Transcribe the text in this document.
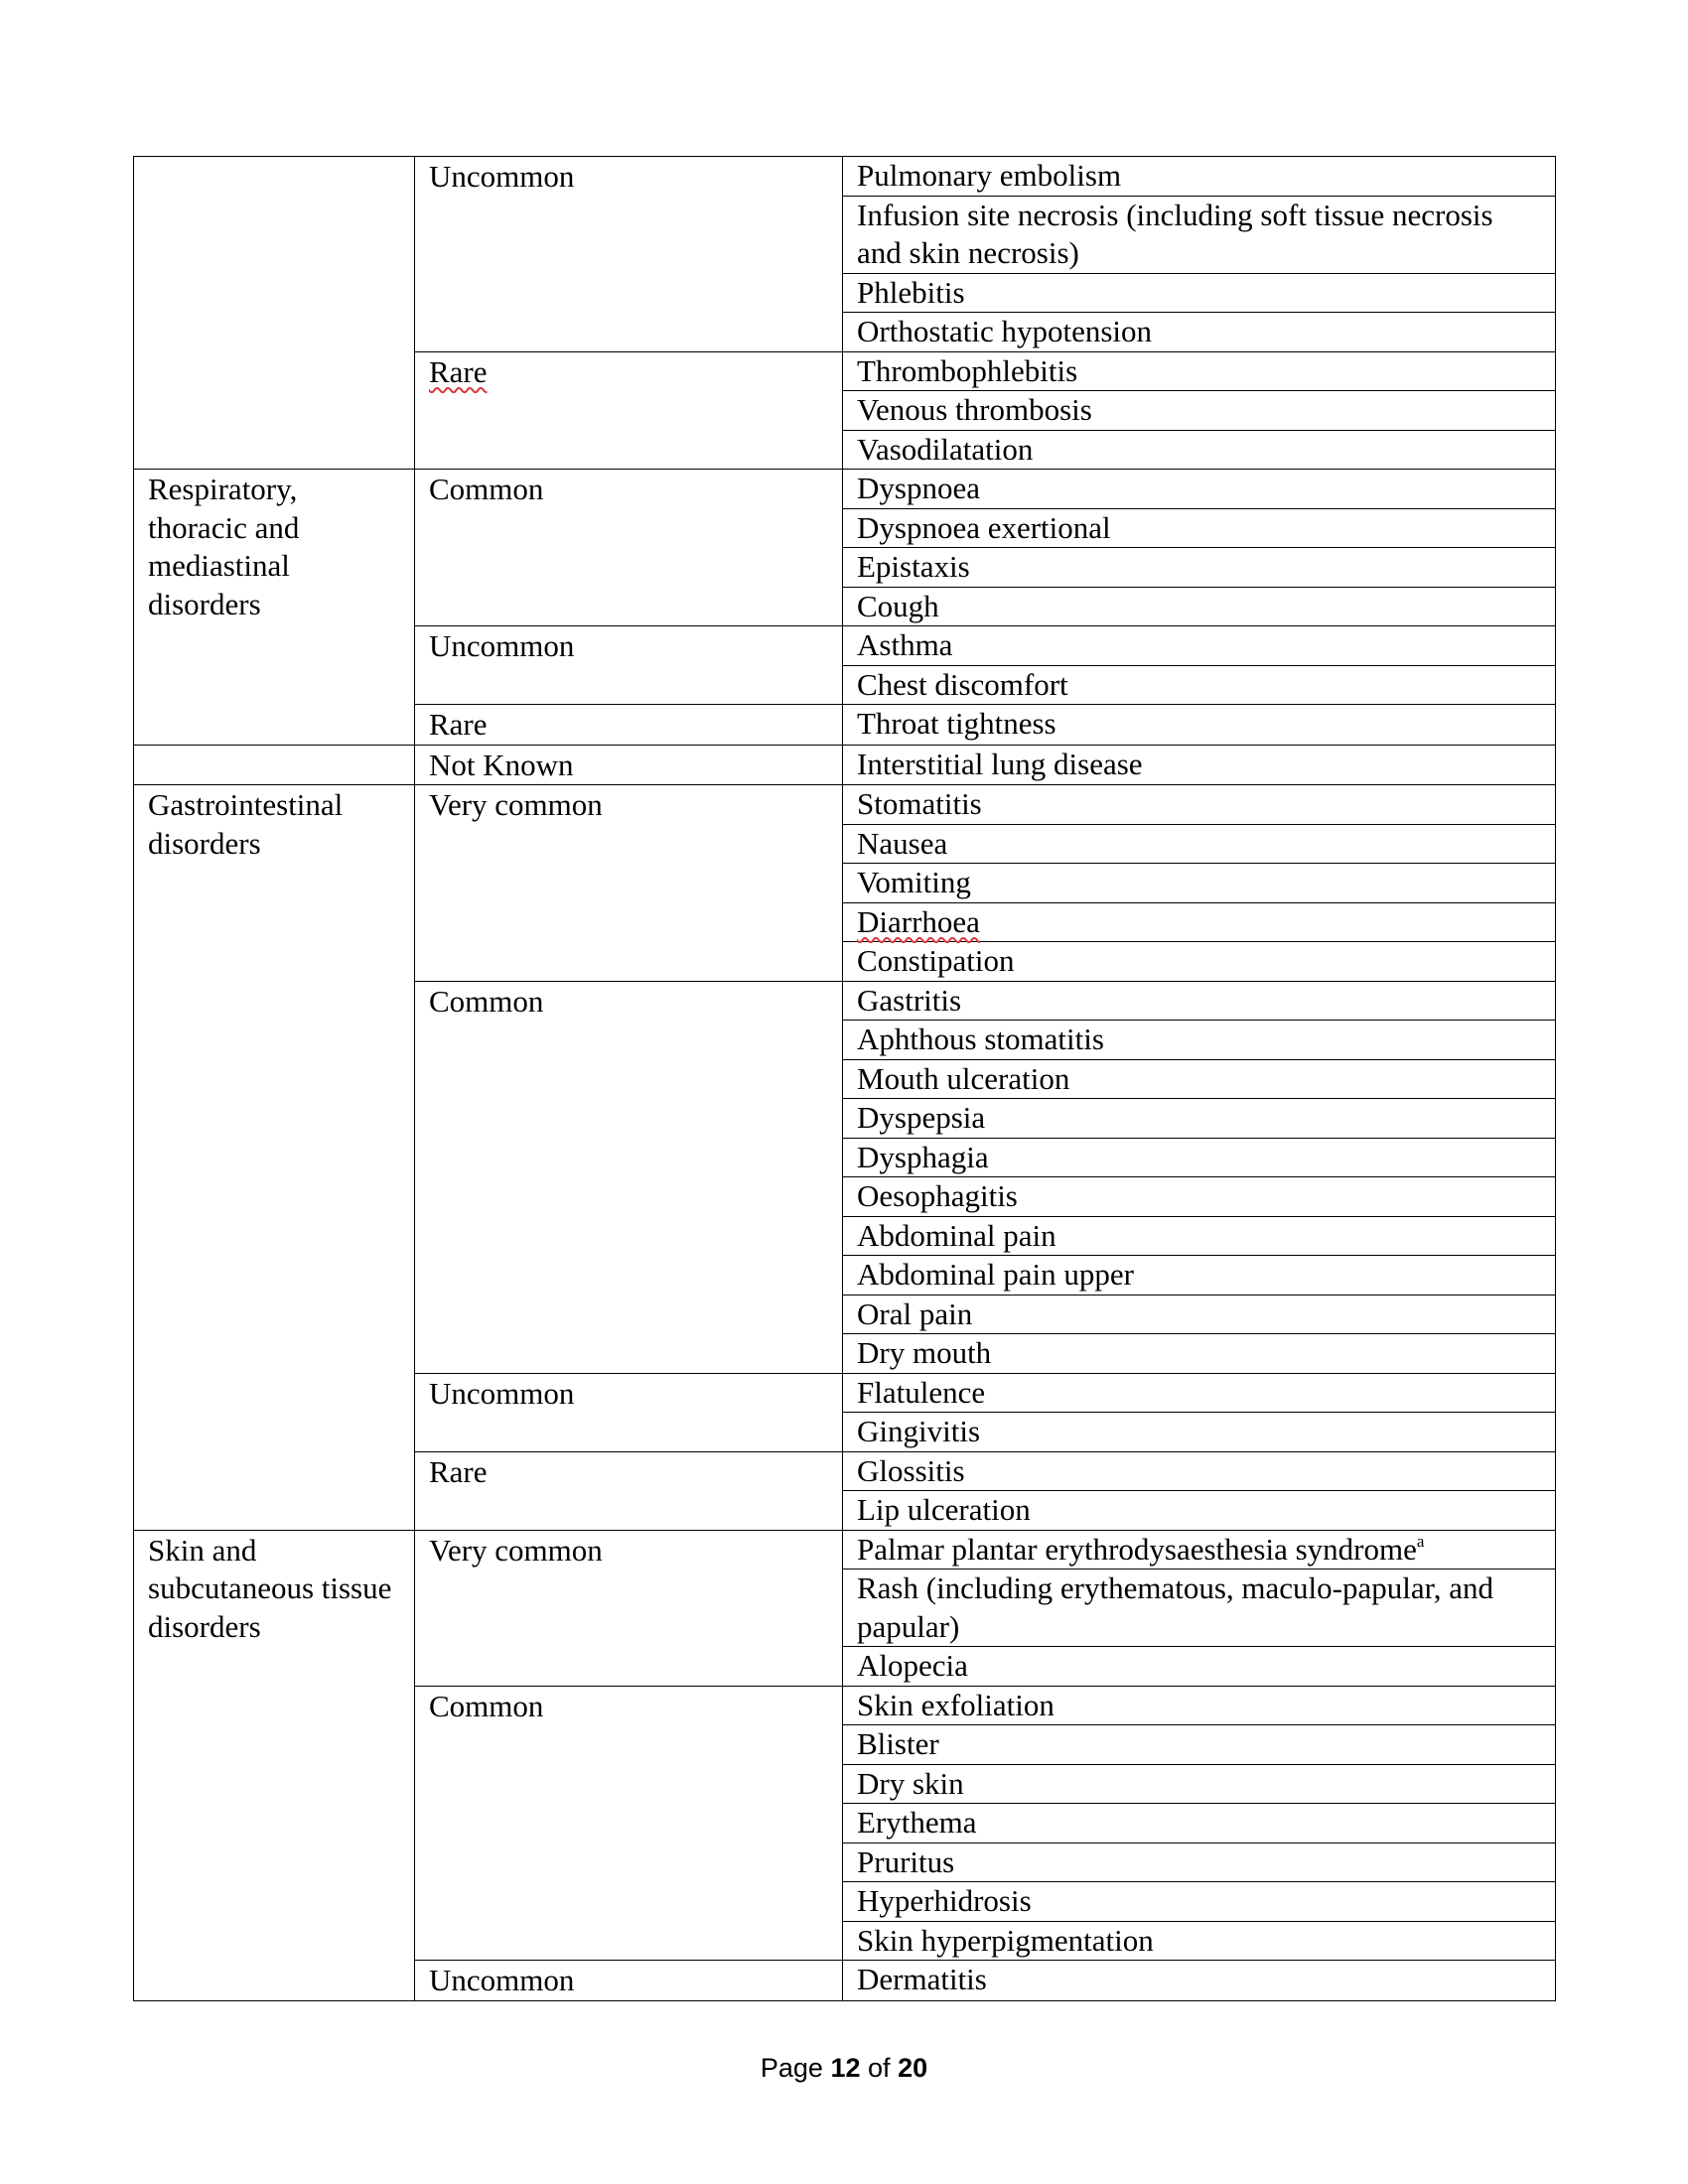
	Uncommon	Pulmonary embolism
		Infusion site necrosis (including soft tissue necrosis and skin necrosis)
		Phlebitis
		Orthostatic hypotension
	Rare	Thrombophlebitis
		Venous thrombosis
		Vasodilatation
Respiratory, thoracic and mediastinal disorders	Common	Dyspnoea
		Dyspnoea exertional
		Epistaxis
		Cough
	Uncommon	Asthma
		Chest discomfort
	Rare	Throat tightness
	Not Known	Interstitial lung disease
Gastrointestinal disorders	Very common	Stomatitis
		Nausea
		Vomiting
		Diarrhoea
		Constipation
	Common	Gastritis
		Aphthous stomatitis
		Mouth ulceration
		Dyspepsia
		Dysphagia
		Oesophagitis
		Abdominal pain
		Abdominal pain upper
		Oral pain
		Dry mouth
	Uncommon	Flatulence
		Gingivitis
	Rare	Glossitis
		Lip ulceration
Skin and subcutaneous tissue disorders	Very common	Palmar plantar erythrodysaesthesia syndrome$^a$
		Rash (including erythematous, maculo-papular, and papular)
		Alopecia
	Common	Skin exfoliation
		Blister
		Dry skin
		Erythema
		Pruritus
		Hyperhidrosis
		Skin hyperpigmentation
	Uncommon	Dermatitis
Page 12 of 20
